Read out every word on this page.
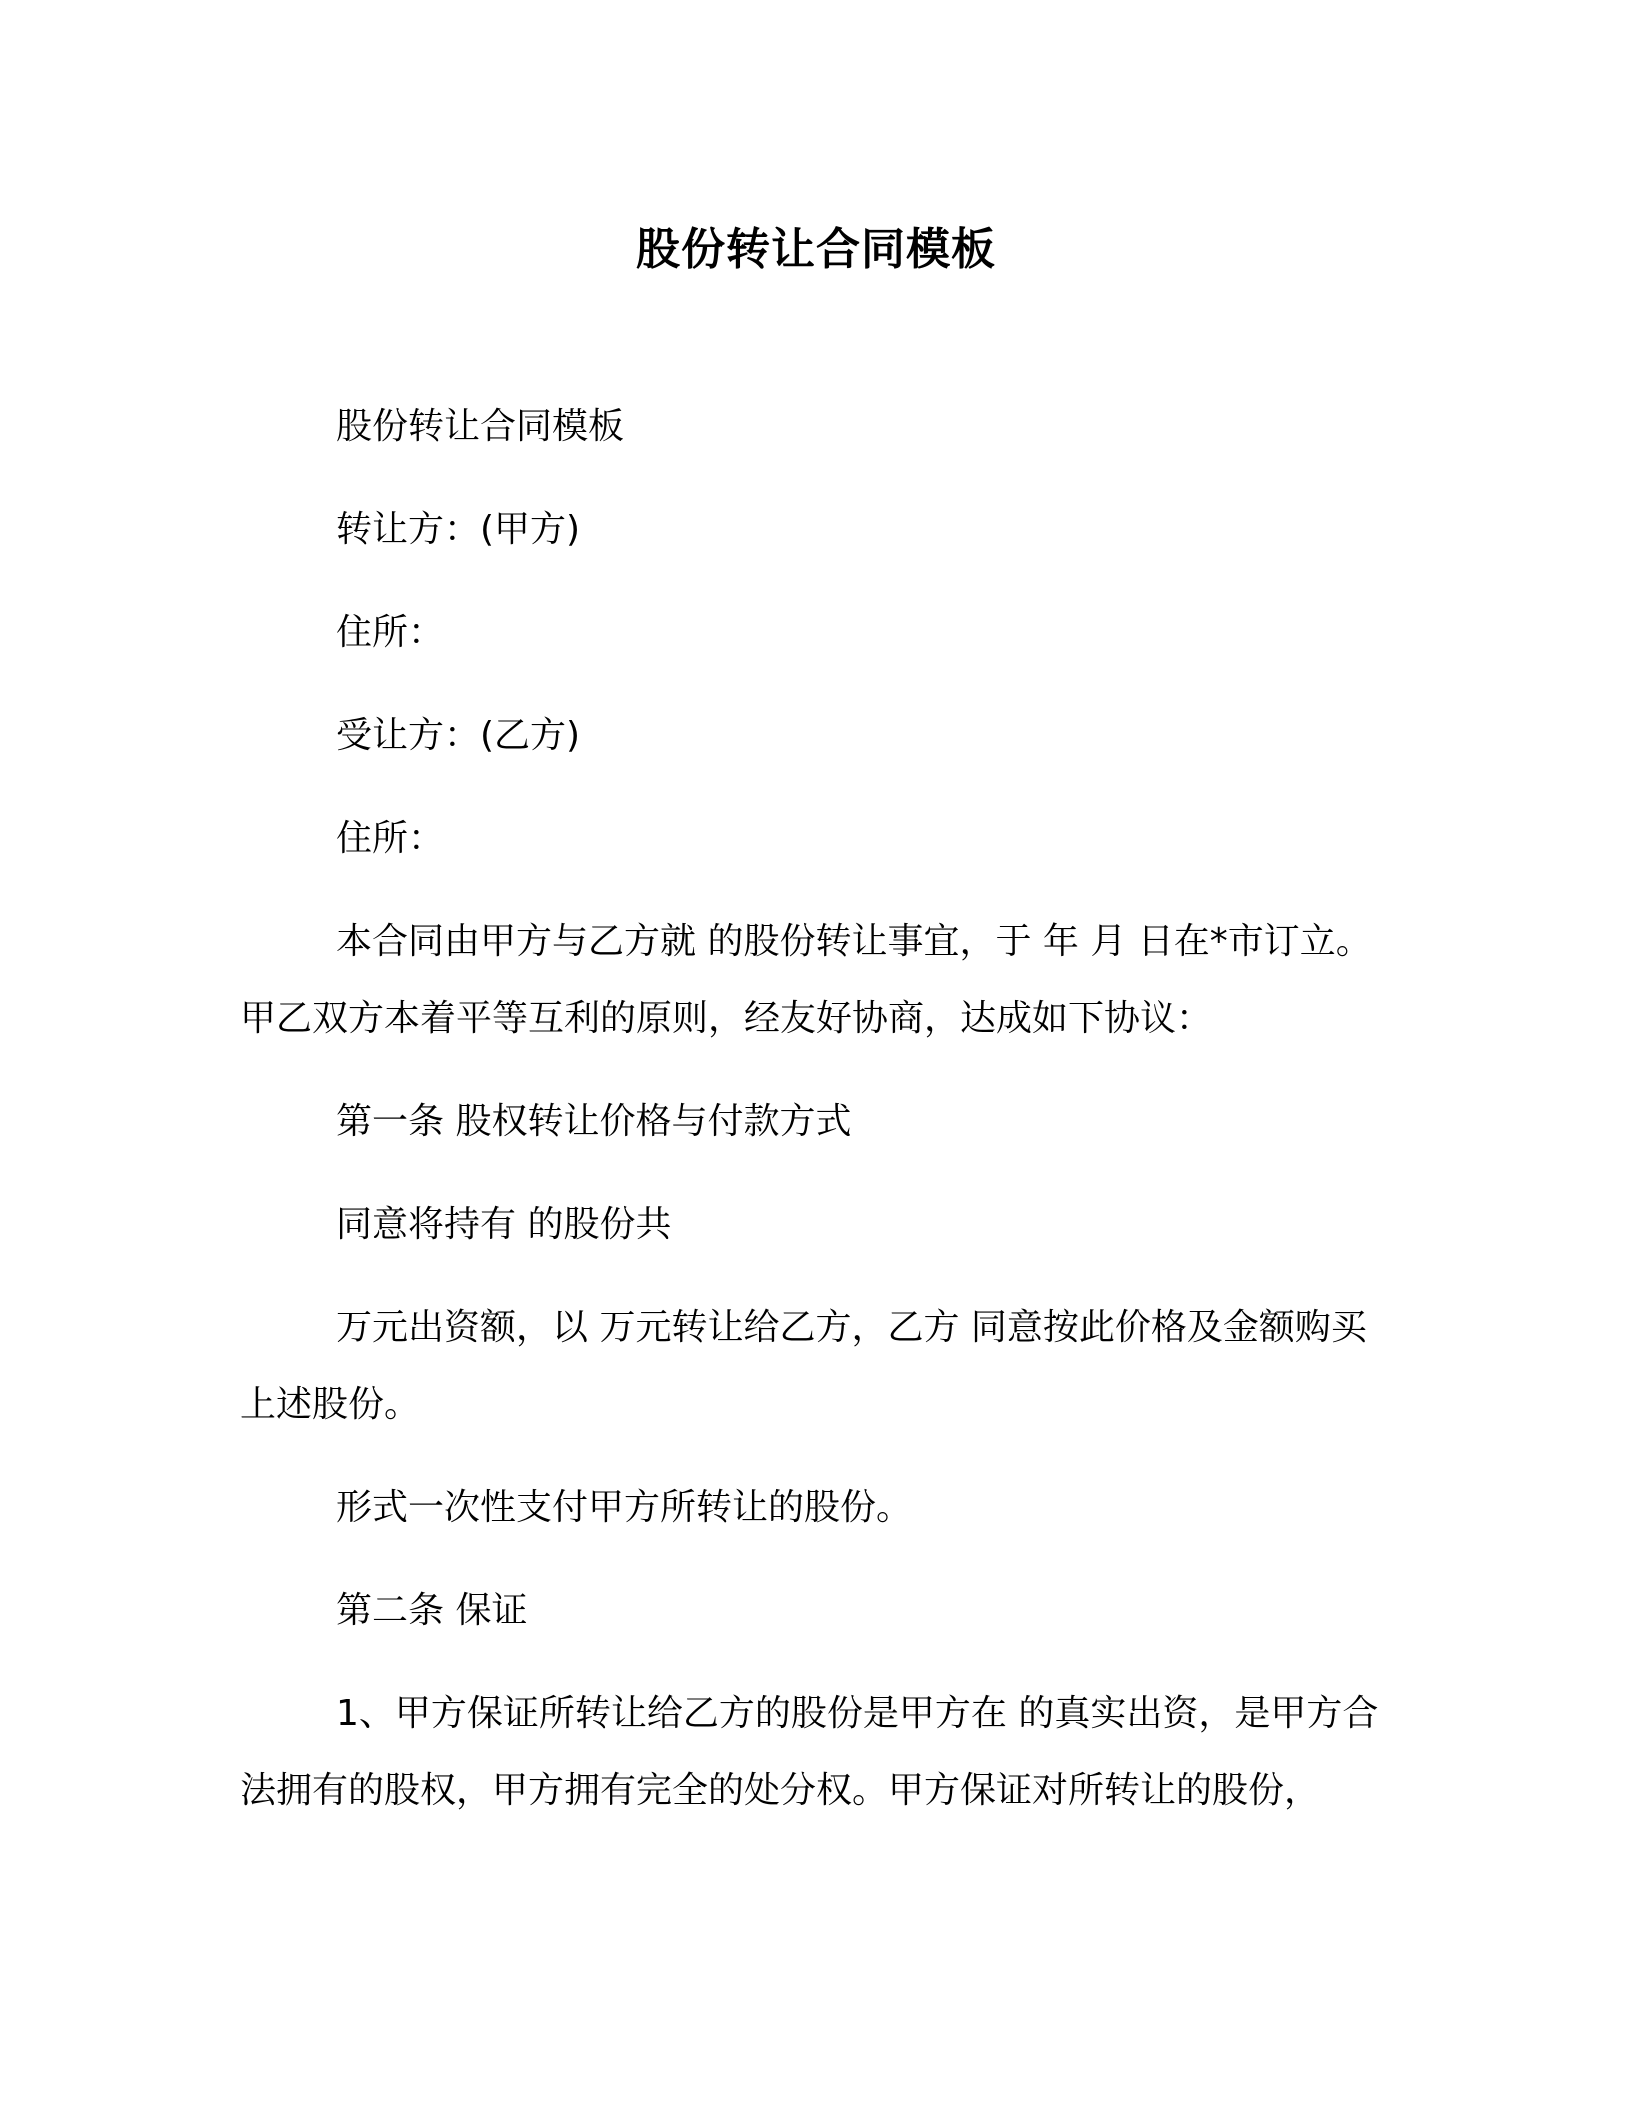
股份转让合同模板

股份转让合同模板

转让方：(甲方)

住所：

受让方：(乙方)

住所：

本合同由甲方与乙方就 的股份转让事宜，于 年 月 日在*市订立。甲乙双方本着平等互利的原则，经友好协商，达成如下协议：

第一条 股权转让价格与付款方式

同意将持有 的股份共

万元出资额，以 万元转让给乙方，乙方 同意按此价格及金额购买上述股份。

形式一次性支付甲方所转让的股份。

第二条 保证

1、甲方保证所转让给乙方的股份是甲方在 的真实出资，是甲方合法拥有的股权，甲方拥有完全的处分权。甲方保证对所转让的股份，
